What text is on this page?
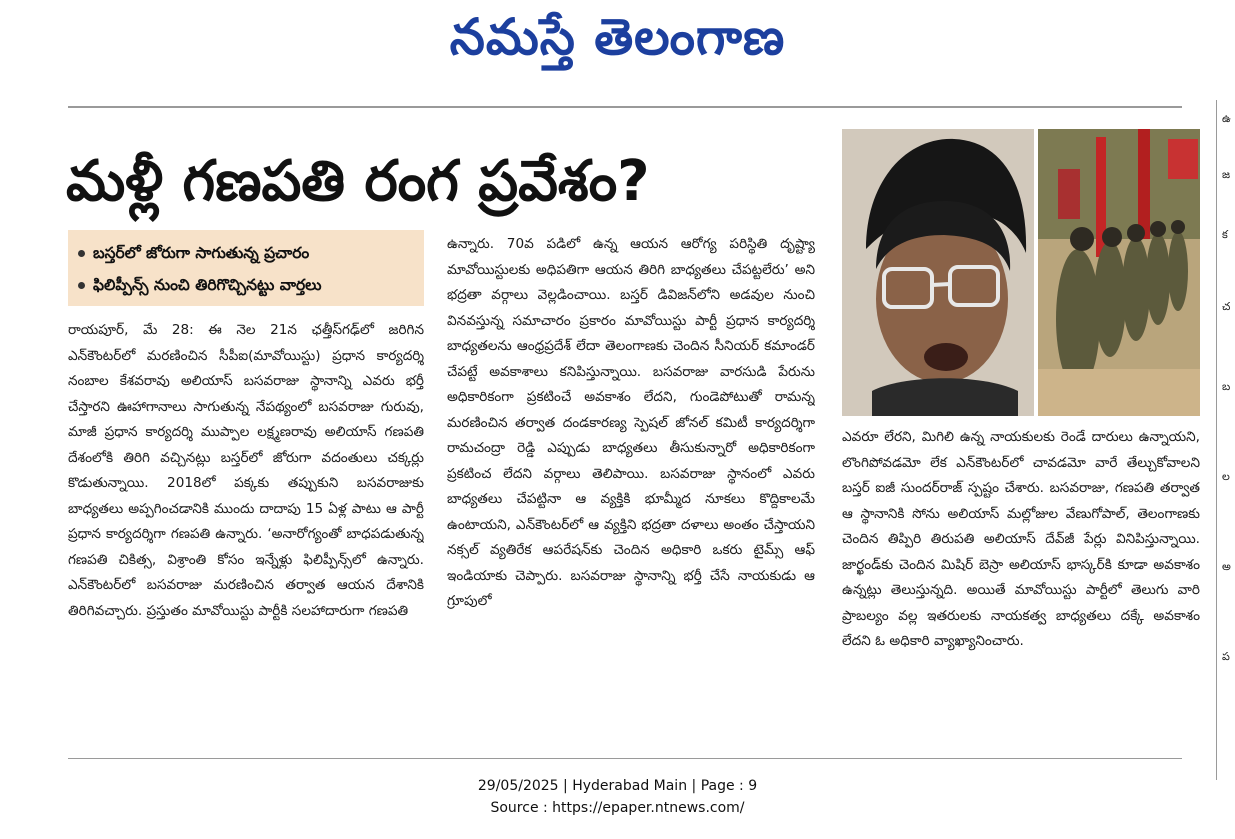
నమస్తే తెలంగాణ
మళ్లీ గణపతి రంగ ప్రవేశం?
బస్తర్‌లో జోరుగా సాగుతున్న ప్రచారం
ఫిలిప్పీన్స్ నుంచి తిరిగొచ్చినట్టు వార్తలు

రాయపూర్, మే 28: ఈ నెల 21న ఛత్తీస్‌గఢ్‌లో జరిగిన ఎన్‌కౌంటర్‌లో మరణించిన సీపీఐ(మావోయిస్టు) ప్రధాన కార్యదర్శి నంబాల కేశవరావు అలియాస్ బసవరాజు స్థానాన్ని ఎవరు భర్తీ చేస్తారని ఊహాగానాలు సాగుతున్న నేపథ్యంలో బసవరాజు గురువు, మాజీ ప్రధాన కార్యదర్శి ముప్పాల లక్ష్మణరావు అలియాస్ గణపతి దేశంలోకి తిరిగి వచ్చినట్లు బస్తర్‌లో జోరుగా వదంతులు చక్కర్లు కొడుతున్నాయి. 2018లో పక్కకు తప్పుకుని బసవరాజుకు బాధ్యతలు అప్పగించడానికి ముందు దాదాపు 15 ఏళ్ల పాటు ఆ పార్టీ ప్రధాన కార్యదర్శిగా గణపతి ఉన్నారు. ‘అనారోగ్యంతో బాధపడుతున్న గణపతి చికిత్స, విశ్రాంతి కోసం ఇన్నేళ్లు ఫిలిప్పీన్స్‌లో ఉన్నారు. ఎన్‌కౌంటర్‌లో బసవరాజు మరణించిన తర్వాత ఆయన దేశానికి తిరిగివచ్చారు. ప్రస్తుతం మావోయిస్టు పార్టీకి సలహాదారుగా గణపతి

ఉన్నారు. 70వ పడిలో ఉన్న ఆయన ఆరోగ్య పరిస్థితి దృష్ట్యా మావోయిస్టులకు అధిపతిగా ఆయన తిరిగి బాధ్యతలు చేపట్టలేరు’ అని భద్రతా వర్గాలు వెల్లడించాయి. బస్తర్ డివిజన్‌లోని అడవుల నుంచి వినవస్తున్న సమాచారం ప్రకారం మావోయిస్టు పార్టీ ప్రధాన కార్యదర్శి బాధ్యతలను ఆంధ్రప్రదేశ్ లేదా తెలంగాణకు చెందిన సీనియర్ కమాండర్ చేపట్టే అవకాశాలు కనిపిస్తున్నాయి. బసవరాజు వారసుడి పేరును అధికారికంగా ప్రకటించే అవకాశం లేదని, గుండెపోటుతో రామన్న మరణించిన తర్వాత దండకారణ్య స్పెషల్ జోనల్ కమిటీ కార్యదర్శిగా రామచంద్రా రెడ్డి ఎప్పుడు బాధ్యతలు తీసుకున్నారో అధికారికంగా ప్రకటించ లేదని వర్గాలు తెలిపాయి. బసవరాజు స్థానంలో ఎవరు బాధ్యతలు చేపట్టినా ఆ వ్యక్తికి భూమ్మీద నూకలు కొద్దికాలమే ఉంటాయని, ఎన్‌కౌంటర్‌లో ఆ వ్యక్తిని భద్రతా దళాలు అంతం చేస్తాయని నక్సల్ వ్యతిరేక ఆపరేషన్‌కు చెందిన అధికారి ఒకరు టైమ్స్ ఆఫ్ ఇండియాకు చెప్పారు. బసవరాజు స్థానాన్ని భర్తీ చేసే నాయకుడు ఆ గ్రూపులో

ఎవరూ లేరని, మిగిలి ఉన్న నాయకులకు రెండే దారులు ఉన్నాయని, లొంగిపోవడమో లేక ఎన్‌కౌంటర్‌లో చావడమో వారే తేల్చుకోవాలని బస్తర్ ఐజీ సుందర్‌రాజ్ స్పష్టం చేశారు. బసవరాజు, గణపతి తర్వాత ఆ స్థానానికి సోను అలియాస్ మల్లోజుల వేణుగోపాల్, తెలంగాణకు చెందిన తిప్పిరి తిరుపతి అలియాస్ దేవ్‌జీ పేర్లు వినిపిస్తున్నాయి. జార్ఖండ్‌కు చెందిన మిషిర్ బెస్రా అలియాస్ భాస్కర్‌కి కూడా అవకాశం ఉన్నట్లు తెలుస్తున్నది. అయితే మావోయిస్టు పార్టీలో తెలుగు వారి ప్రాబల్యం వల్ల ఇతరులకు నాయకత్వ బాధ్యతలు దక్కే అవకాశం లేదని ఓ అధికారి వ్యాఖ్యానించారు.

ఉ
జ
క
చ
బ
ల
అ
ప
29/05/2025 | Hyderabad Main | Page : 9
Source : https://epaper.ntnews.com/
